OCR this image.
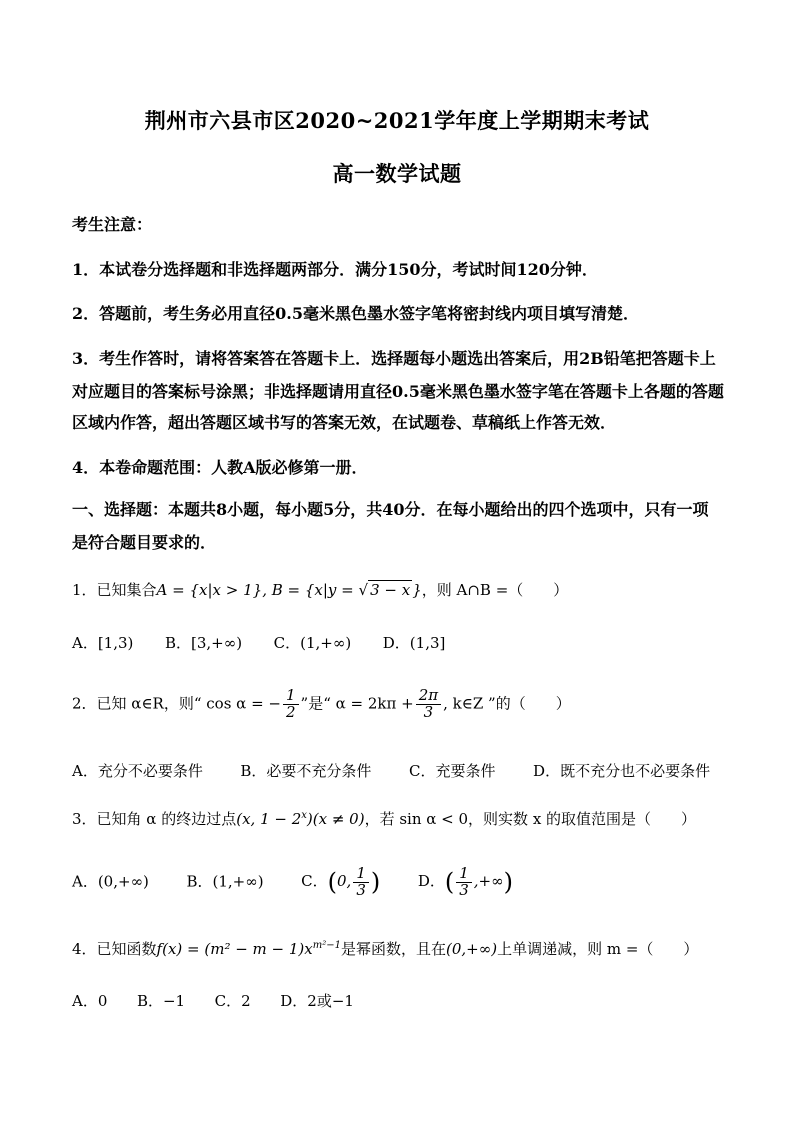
荆州市六县市区2020~2021学年度上学期期末考试
高一数学试题
考生注意：
1．本试卷分选择题和非选择题两部分．满分150分，考试时间120分钟．
2．答题前，考生务必用直径0.5毫米黑色墨水签字笔将密封线内项目填写清楚．
3．考生作答时，请将答案答在答题卡上．选择题每小题选出答案后，用2B铅笔把答题卡上
对应题目的答案标号涂黑；非选择题请用直径0.5毫米黑色墨水签字笔在答题卡上各题的答题
区域内作答，超出答题区域书写的答案无效，在试题卷、草稿纸上作答无效．
4．本卷命题范围：人教A版必修第一册．
一、选择题：本题共8小题，每小题5分，共40分．在每小题给出的四个选项中，只有一项
是符合题目要求的．
1．已知集合A = {x|x > 1}, B = {x|y = √ 3 − x }，则 A∩B =（　　）
A．[1,3) B．[3,+∞) C．(1,+∞) D．(1,3]
2．已知 α∈R，则“ cos α = − $\frac{1}{2}$ ”是“ $\alpha = 2k\pi + \frac{2\pi}{3}$ , k∈Z ”的（　　）
A．充分不必要条件	B．必要不充分条件	C．充要条件	D．既不充分也不必要条件
3．已知角 α 的终边过点(x, $1 - 2^x)(x \ne 0)$，若 sin α < 0，则实数 x 的取值范围是（　　）
A．(0,+∞)	B．(1,+∞)	C．(0, $\frac{1}{3}$ )	D．( $\frac{1}{3}$ ,+∞)
4．已知函数$f(x) = (m^2 - m - 1)x^{m^2-1}$是幂函数，且在(0,+∞)上单调递减，则 m =（　　）
A．0 B．−1 C．2 D．2或−1
